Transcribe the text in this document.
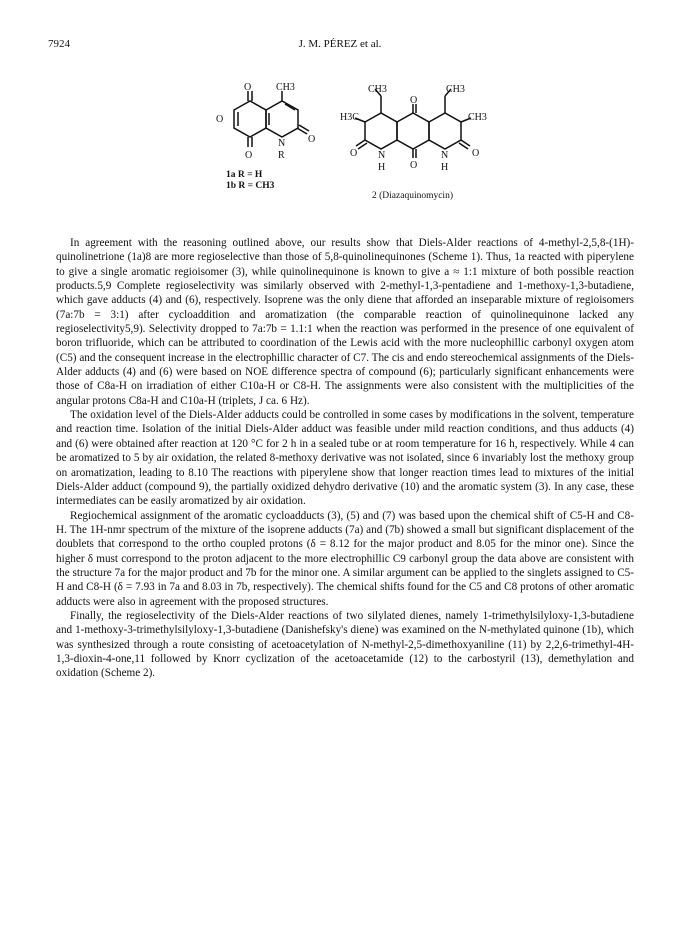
7924	J. M. PÉREZ et al.
O CH3
N
R
O
O
O
1a R = H
1b R = CH3
CH3	CH3
H3C	CH3
O
O
N	N
O	O
H	H
2 (Diazaquinomycin)

In agreement with the reasoning outlined above, our results show that Diels-Alder reactions of 4-methyl-2,5,8-(1H)-quinolinetrione (1a)8 are more regioselective than those of 5,8-quinolinequinones (Scheme 1). Thus, 1a reacted with piperylene to give a single aromatic regioisomer (3), while quinolinequinone is known to give a ≈ 1:1 mixture of both possible reaction products.5,9 Complete regioselectivity was similarly observed with 2-methyl-1,3-pentadiene and 1-methoxy-1,3-butadiene, which gave adducts (4) and (6), respectively. Isoprene was the only diene that afforded an inseparable mixture of regioisomers (7a:7b = 3:1) after cycloaddition and aromatization (the comparable reaction of quinolinequinone lacked any regioselectivity5,9). Selectivity dropped to 7a:7b = 1.1:1 when the reaction was performed in the presence of one equivalent of boron trifluoride, which can be attributed to coordination of the Lewis acid with the more nucleophillic carbonyl oxygen atom (C5) and the consequent increase in the electrophillic character of C7. The cis and endo stereochemical assignments of the Diels-Alder adducts (4) and (6) were based on NOE difference spectra of compound (6); particularly significant enhancements were those of C8a-H on irradiation of either C10a-H or C8-H. The assignments were also consistent with the multiplicities of the angular protons C8a-H and C10a-H (triplets, J ca. 6 Hz).

The oxidation level of the Diels-Alder adducts could be controlled in some cases by modifications in the solvent, temperature and reaction time. Isolation of the initial Diels-Alder adduct was feasible under mild reaction conditions, and thus adducts (4) and (6) were obtained after reaction at 120 °C for 2 h in a sealed tube or at room temperature for 16 h, respectively. While 4 can be aromatized to 5 by air oxidation, the related 8-methoxy derivative was not isolated, since 6 invariably lost the methoxy group on aromatization, leading to 8.10 The reactions with piperylene show that longer reaction times lead to mixtures of the initial Diels-Alder adduct (compound 9), the partially oxidized dehydro derivative (10) and the aromatic system (3). In any case, these intermediates can be easily aromatized by air oxidation.

Regiochemical assignment of the aromatic cycloadducts (3), (5) and (7) was based upon the chemical shift of C5-H and C8-H. The 1H-nmr spectrum of the mixture of the isoprene adducts (7a) and (7b) showed a small but significant displacement of the doublets that correspond to the ortho coupled protons (δ = 8.12 for the major product and 8.05 for the minor one). Since the higher δ must correspond to the proton adjacent to the more electrophillic C9 carbonyl group the data above are consistent with the structure 7a for the major product and 7b for the minor one. A similar argument can be applied to the singlets assigned to C5-H and C8-H (δ = 7.93 in 7a and 8.03 in 7b, respectively). The chemical shifts found for the C5 and C8 protons of other aromatic adducts were also in agreement with the proposed structures.

Finally, the regioselectivity of the Diels-Alder reactions of two silylated dienes, namely 1-trimethylsilyloxy-1,3-butadiene and 1-methoxy-3-trimethylsilyloxy-1,3-butadiene (Danishefsky's diene) was examined on the N-methylated quinone (1b), which was synthesized through a route consisting of acetoacetylation of N-methyl-2,5-dimethoxyaniline (11) by 2,2,6-trimethyl-4H-1,3-dioxin-4-one,11 followed by Knorr cyclization of the acetoacetamide (12) to the carbostyril (13), demethylation and oxidation (Scheme 2).
